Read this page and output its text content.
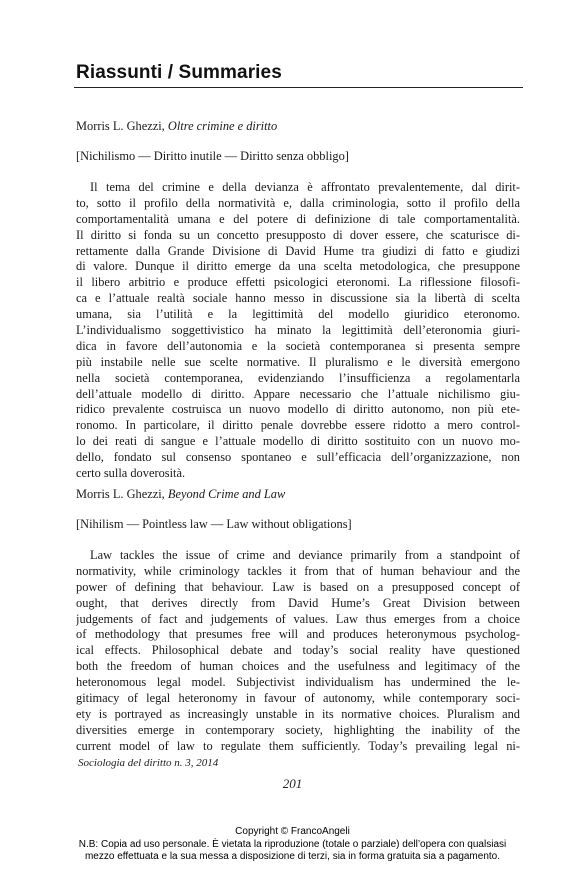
Riassunti / Summaries
Morris L. Ghezzi, Oltre crimine e diritto
[Nichilismo — Diritto inutile — Diritto senza obbligo]
Il tema del crimine e della devianza è affrontato prevalentemente, dal dirit-
to, sotto il profilo della normatività e, dalla criminologia, sotto il profilo della
comportamentalità umana e del potere di definizione di tale comportamentalità.
Il diritto si fonda su un concetto presupposto di dover essere, che scaturisce di-
rettamente dalla Grande Divisione di David Hume tra giudizi di fatto e giudizi
di valore. Dunque il diritto emerge da una scelta metodologica, che presuppone
il libero arbitrio e produce effetti psicologici eteronomi. La riflessione filosofi-
ca e l’attuale realtà sociale hanno messo in discussione sia la libertà di scelta
umana, sia l’utilità e la legittimità del modello giuridico eteronomo.
L’individualismo soggettivistico ha minato la legittimità dell’eteronomia giuri-
dica in favore dell’autonomia e la società contemporanea si presenta sempre
più instabile nelle sue scelte normative. Il pluralismo e le diversità emergono
nella società contemporanea, evidenziando l’insufficienza a regolamentarla
dell’attuale modello di diritto. Appare necessario che l’attuale nichilismo giu-
ridico prevalente costruisca un nuovo modello di diritto autonomo, non più ete-
ronomo. In particolare, il diritto penale dovrebbe essere ridotto a mero control-
lo dei reati di sangue e l’attuale modello di diritto sostituito con un nuovo mo-
dello, fondato sul consenso spontaneo e sull’efficacia dell’organizzazione, non
certo sulla doverosità.
Morris L. Ghezzi, Beyond Crime and Law
[Nihilism — Pointless law — Law without obligations]
Law tackles the issue of crime and deviance primarily from a standpoint of
normativity, while criminology tackles it from that of human behaviour and the
power of defining that behaviour. Law is based on a presupposed concept of
ought, that derives directly from David Hume’s Great Division between
judgements of fact and judgements of values. Law thus emerges from a choice
of methodology that presumes free will and produces heteronymous psycholog-
ical effects. Philosophical debate and today’s social reality have questioned
both the freedom of human choices and the usefulness and legitimacy of the
heteronomous legal model. Subjectivist individualism has undermined the le-
gitimacy of legal heteronomy in favour of autonomy, while contemporary soci-
ety is portrayed as increasingly unstable in its normative choices. Pluralism and
diversities emerge in contemporary society, highlighting the inability of the
current model of law to regulate them sufficiently. Today’s prevailing legal ni-
Sociologia del diritto n. 3, 2014
201
Copyright © FrancoAngeli
N.B: Copia ad uso personale. È vietata la riproduzione (totale o parziale) dell’opera con qualsiasi
mezzo effettuata e la sua messa a disposizione di terzi, sia in forma gratuita sia a pagamento.
